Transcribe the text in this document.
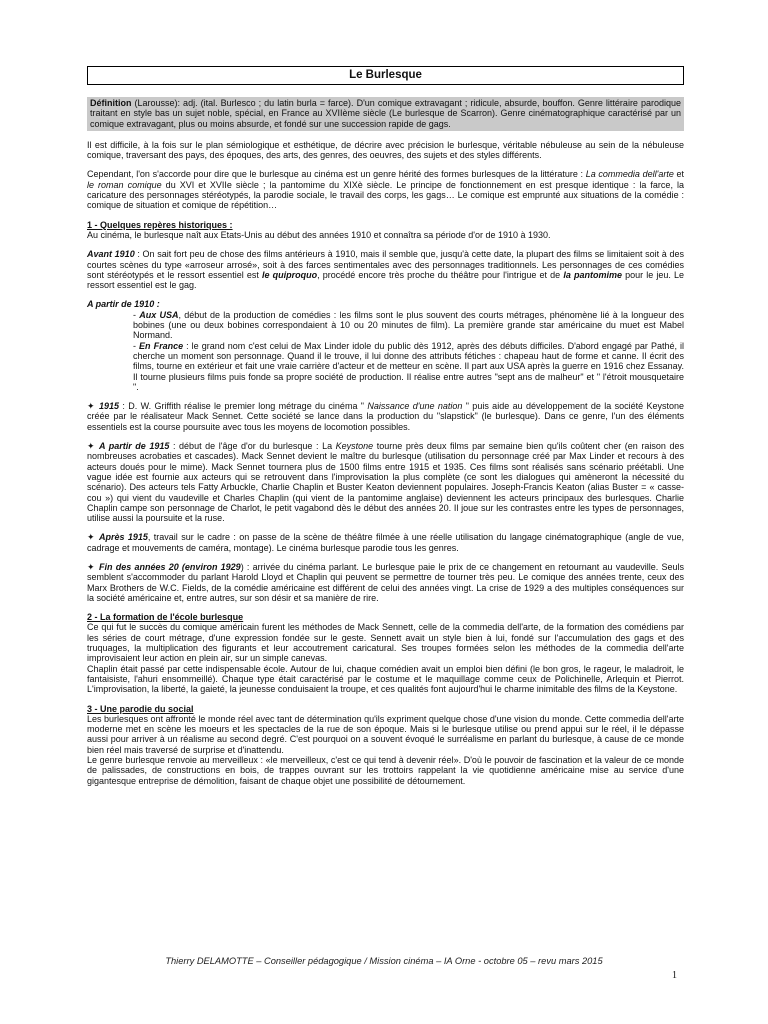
Le Burlesque
Définition (Larousse): adj. (ital. Burlesco ; du latin burla = farce). D'un comique extravagant ; ridicule, absurde, bouffon. Genre littéraire parodique traitant en style bas un sujet noble, spécial, en France au XVIIème siècle (Le burlesque de Scarron). Genre cinématographique caractérisé par un comique extravagant, plus ou moins absurde, et fondé sur une succession rapide de gags.

Il est difficile, à la fois sur le plan sémiologique et esthétique, de décrire avec précision le burlesque, véritable nébuleuse au sein de la nébuleuse comique, traversant des pays, des époques, des arts, des genres, des oeuvres, des sujets et des styles différents.

Cependant, l'on s'accorde pour dire que le burlesque au cinéma est un genre hérité des formes burlesques de la littérature : La commedia dell'arte et le roman comique du XVI et XVIIe siècle ; la pantomime du XIXè siècle. Le principe de fonctionnement en est presque identique : la farce, la caricature des personnages stéréotypés, la parodie sociale, le travail des corps, les gags… Le comique est emprunté aux situations de la comédie : comique de situation et comique de répétition…

1 - Quelques repères historiques :

Au cinéma, le burlesque naît aux Etats-Unis au début des années 1910 et connaîtra sa période d'or de 1910 à 1930.

Avant 1910 : On sait fort peu de chose des films antérieurs à 1910, mais il semble que, jusqu'à cette date, la plupart des films se limitaient soit à des courtes scènes du type «arroseur arrosé», soit à des farces sentimentales avec des personnages traditionnels. Les personnages de ces comédies sont stéréotypés et le ressort essentiel est le quiproquo, procédé encore très proche du théâtre pour l'intrigue et de la pantomime pour le jeu. Le ressort essentiel est le gag.

A partir de 1910 :

- Aux USA, début de la production de comédies : les films sont le plus souvent des courts métrages, phénomène lié à la longueur des bobines (une ou deux bobines correspondaient à 10 ou 20 minutes de film). La première grande star américaine du muet est Mabel Normand.

- En France : le grand nom c'est celui de Max Linder idole du public dès 1912, après des débuts difficiles. D'abord engagé par Pathé, il cherche un moment son personnage. Quand il le trouve, il lui donne des attributs fétiches : chapeau haut de forme et canne. Il écrit des films, tourne en extérieur et fait une vraie carrière d'acteur et de metteur en scène. Il part aux USA après la guerre en 1916 chez Essanay. Il tourne plusieurs films puis fonde sa propre société de production. Il réalise entre autres "sept ans de malheur" et " l'étroit mousquetaire ".

✦ 1915 : D. W. Griffith réalise le premier long métrage du cinéma " Naissance d'une nation " puis aide au développement de la société Keystone créée par le réalisateur Mack Sennet. Cette société se lance dans la production du "slapstick" (le burlesque). Dans ce genre, l'un des éléments essentiels est la course poursuite avec tous les moyens de locomotion possibles.

✦ A partir de 1915 : début de l'âge d'or du burlesque : La Keystone tourne près deux films par semaine bien qu'ils coûtent cher (en raison des nombreuses acrobaties et cascades). Mack Sennet devient le maître du burlesque (utilisation du personnage créé par Max Linder et recours à des acteurs doués pour le mime). Mack Sennet tournera plus de 1500 films entre 1915 et 1935. Ces films sont réalisés sans scénario préétabli. Une vague idée est fournie aux acteurs qui se retrouvent dans l'improvisation la plus complète (ce sont les dialogues qui amèneront la nécessité du scénario). Des acteurs tels Fatty Arbuckle, Charlie Chaplin et Buster Keaton deviennent populaires. Joseph-Francis Keaton (alias Buster = « casse-cou ») qui vient du vaudeville et Charles Chaplin (qui vient de la pantomime anglaise) deviennent les acteurs principaux des burlesques. Charlie Chaplin campe son personnage de Charlot, le petit vagabond dès le début des années 20. Il joue sur les contrastes entre les types de personnages, utilise aussi la poursuite et la ruse.

✦ Après 1915, travail sur le cadre : on passe de la scène de théâtre filmée à une réelle utilisation du langage cinématographique (angle de vue, cadrage et mouvements de caméra, montage). Le cinéma burlesque parodie tous les genres.

✦ Fin des années 20 (environ 1929) : arrivée du cinéma parlant. Le burlesque paie le prix de ce changement en retournant au vaudeville. Seuls semblent s'accommoder du parlant Harold Lloyd et Chaplin qui peuvent se permettre de tourner très peu. Le comique des années trente, ceux des Marx Brothers de W.C. Fields, de la comédie américaine est différent de celui des années vingt. La crise de 1929 a des multiples conséquences sur la société américaine et, entre autres, sur son désir et sa manière de rire.

2 - La formation de l'école burlesque

Ce qui fut le succès du comique américain furent les méthodes de Mack Sennett, celle de la commedia dell'arte, de la formation des comédiens par les séries de court métrage, d'une expression fondée sur le geste. Sennett avait un style bien à lui, fondé sur l'accumulation des gags et des truquages, la multiplication des figurants et leur accoutrement caricatural. Ses troupes formées selon les méthodes de la commedia dell'arte improvisaient leur action en plein air, sur un simple canevas.

Chaplin était passé par cette indispensable école. Autour de lui, chaque comédien avait un emploi bien défini (le bon gros, le rageur, le maladroit, le fantaisiste, l'ahuri ensommeillé). Chaque type était caractérisé par le costume et le maquillage comme ceux de Polichinelle, Arlequin et Pierrot. L'improvisation, la liberté, la gaieté, la jeunesse conduisaient la troupe, et ces qualités font aujourd'hui le charme inimitable des films de la Keystone.

3 - Une parodie du social

Les burlesques ont affronté le monde réel avec tant de détermination qu'ils expriment quelque chose d'une vision du monde. Cette commedia dell'arte moderne met en scène les moeurs et les spectacles de la rue de son époque. Mais si le burlesque utilise ou prend appui sur le réel, il le dépasse aussi pour arriver à un réalisme au second degré. C'est pourquoi on a souvent évoqué le surréalisme en parlant du burlesque, à cause de ce monde bien réel mais traversé de surprise et d'inattendu.

Le genre burlesque renvoie au merveilleux : «le merveilleux, c'est ce qui tend à devenir réel». D'où le pouvoir de fascination et la valeur de ce monde de palissades, de constructions en bois, de trappes ouvrant sur les trottoirs rappelant la vie quotidienne américaine mise au service d'une gigantesque entreprise de démolition, faisant de chaque objet une possibilité de détournement.

Thierry DELAMOTTE – Conseiller pédagogique / Mission cinéma – IA Orne - octobre 05 – revu mars 2015
1
